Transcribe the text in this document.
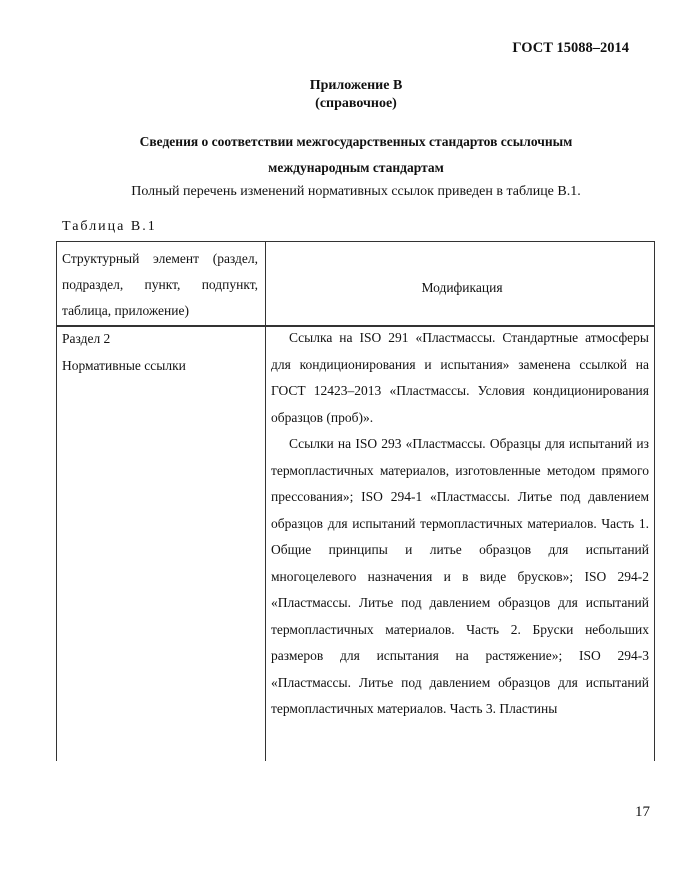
ГОСТ 15088–2014
Приложение В
(справочное)
Сведения о соответствии межгосударственных стандартов ссылочным
международным стандартам
Полный перечень изменений нормативных ссылок приведен в таблице В.1.
Таблица В.1
Структурный элемент (раздел, подраздел, пункт, подпункт, таблица, приложение)
Модификация
Раздел 2
Нормативные ссылки

Ссылка на ISO 291 «Пластмассы. Стандартные атмосферы для кондиционирования и испытания» заменена ссылкой на ГОСТ 12423–2013 «Пластмассы. Условия кондиционирования образцов (проб)».

Ссылки на ISO 293 «Пластмассы. Образцы для испытаний из термопластичных материалов, изготовленные методом прямого прессования»; ISO 294-1 «Пластмассы. Литье под давлением образцов для испытаний термопластичных материалов. Часть 1. Общие принципы и литье образцов для испытаний многоцелевого назначения и в виде брусков»; ISO 294-2 «Пластмассы. Литье под давлением образцов для испытаний термопластичных материалов. Часть 2. Бруски небольших размеров для испытания на растяжение»; ISO 294-3 «Пластмассы. Литье под давлением образцов для испытаний термопластичных материалов. Часть 3. Пластины

17
